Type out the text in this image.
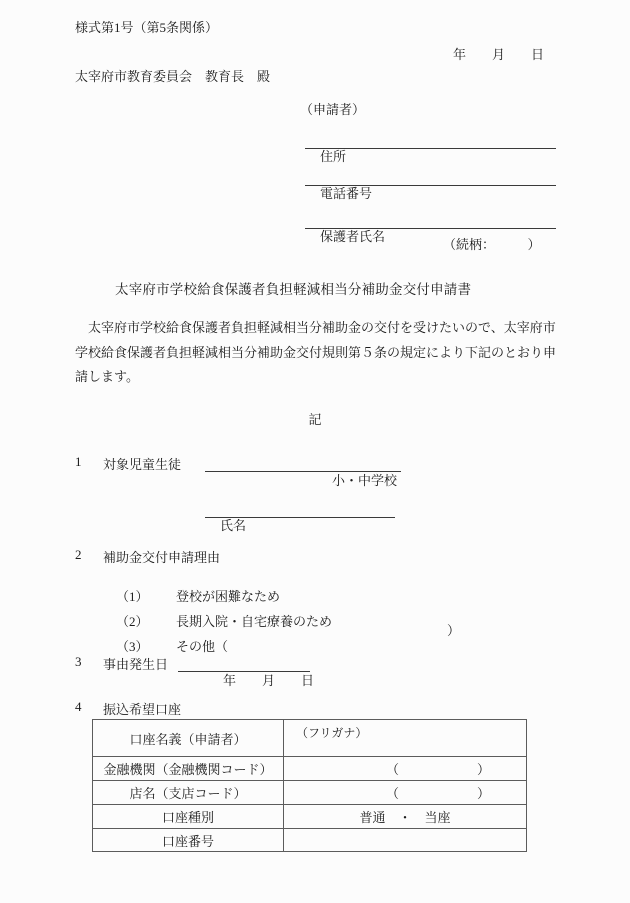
様式第1号（第5条関係）
年　　月　　日
太宰府市教育委員会　教育長　殿
（申請者）

住所

電話番号

保護者氏名

（続柄：　　　）
太宰府市学校給食保護者負担軽減相当分補助金交付申請書
　太宰府市学校給食保護者負担軽減相当分補助金の交付を受けたいので、太宰府市学校給食保護者負担軽減相当分補助金交付規則第５条の規定により下記のとおり申請します。
記
1 対象児童生徒

小・中学校

氏名

2 補助金交付申請理由

（1） 登校が困難なため

（2） 長期入院・自宅療養のため

（3） その他（

）
3 事由発生日

年　　月　　日

4 振込希望口座
口座名義（申請者）	（フリガナ）

金融機関（金融機関コード）	（　　　　　　）

店名（支店コード）	（　　　　　　）

口座種別	普通　・　当座

口座番号	
